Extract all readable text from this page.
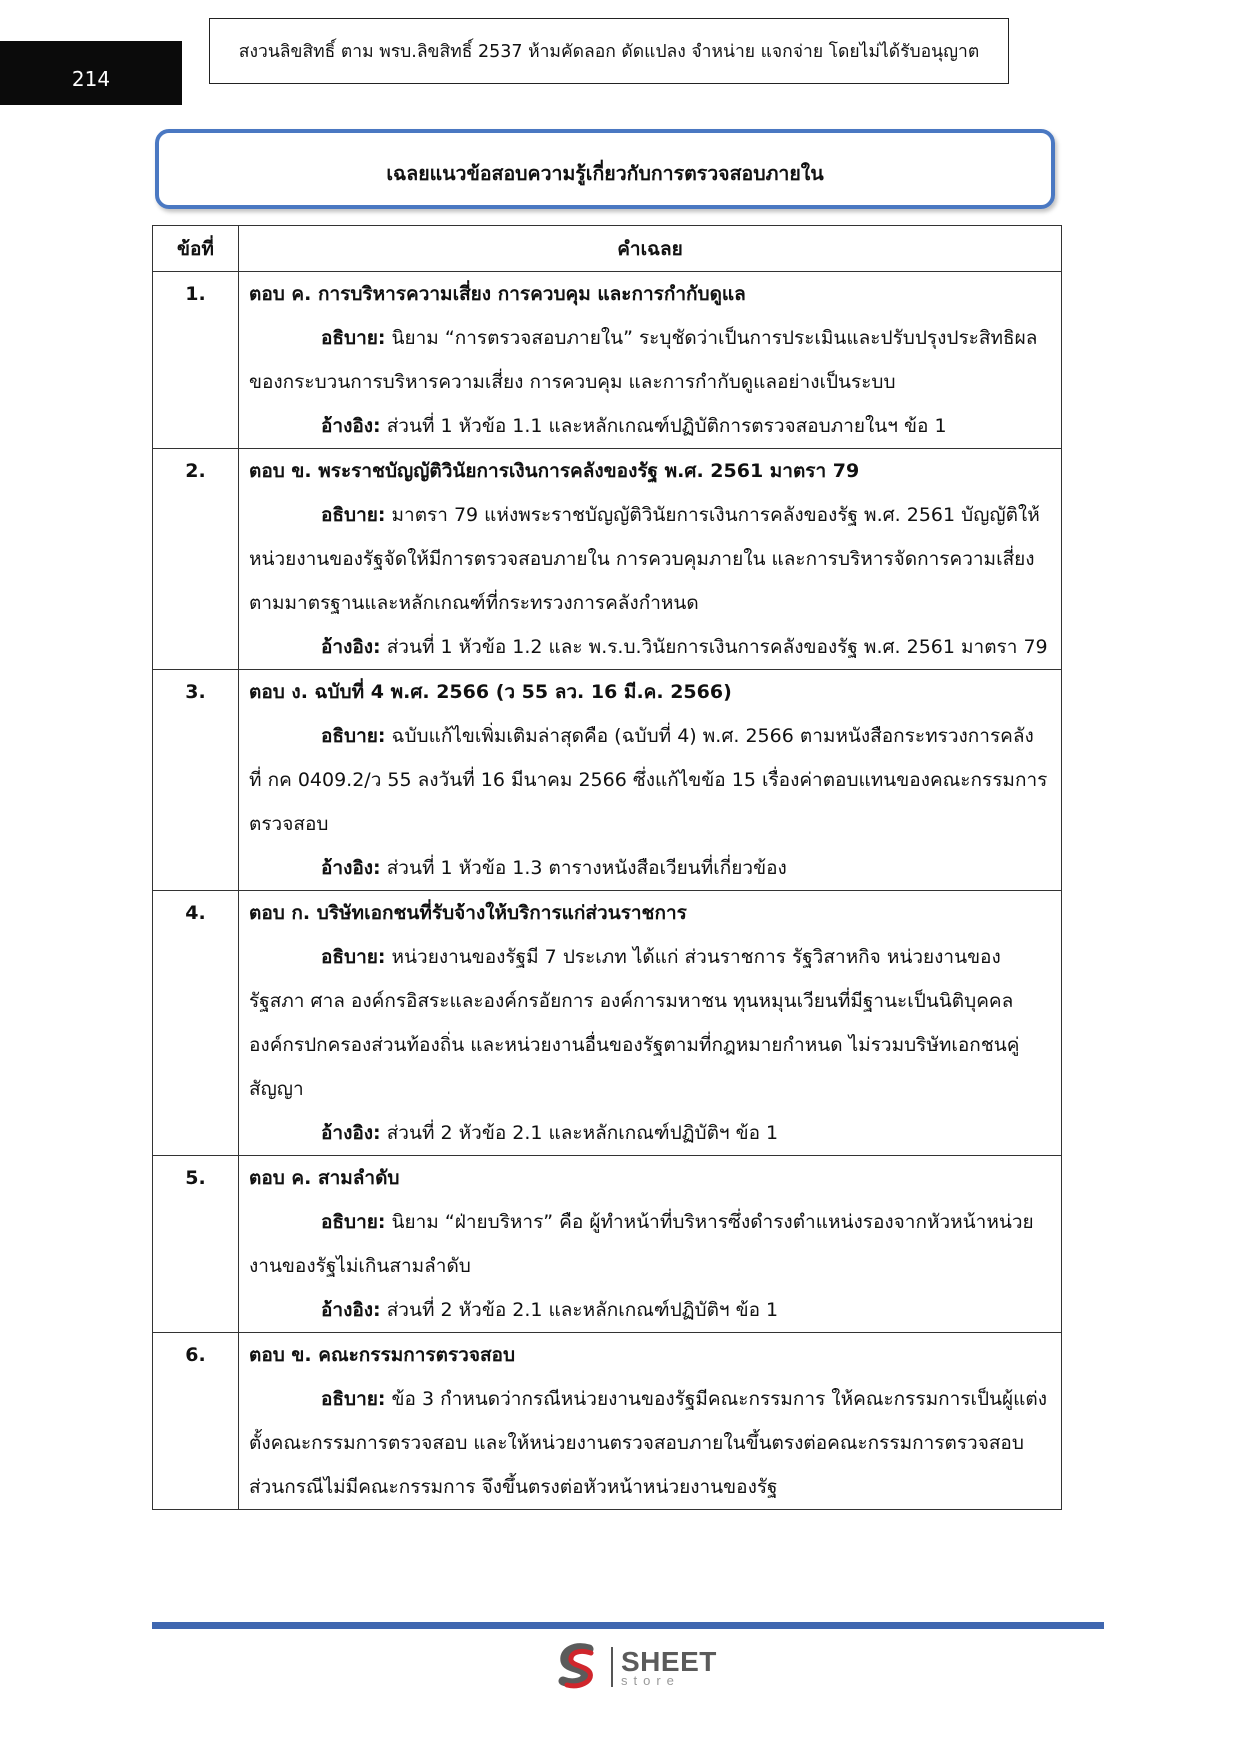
214
สงวนลิขสิทธิ์ ตาม พรบ.ลิขสิทธิ์ 2537 ห้ามคัดลอก ดัดแปลง จำหน่าย แจกจ่าย โดยไม่ได้รับอนุญาต
เฉลยแนวข้อสอบความรู้เกี่ยวกับการตรวจสอบภายใน
ข้อที่	คำเฉลย
1.	ตอบ ค. การบริหารความเสี่ยง การควบคุม และการกำกับดูแล
อธิบาย: นิยาม “การตรวจสอบภายใน” ระบุชัดว่าเป็นการประเมินและปรับปรุงประสิทธิผลของกระบวนการบริหารความเสี่ยง การควบคุม และการกำกับดูแลอย่างเป็นระบบ
อ้างอิง: ส่วนที่ 1 หัวข้อ 1.1 และหลักเกณฑ์ปฏิบัติการตรวจสอบภายในฯ ข้อ 1

2.	ตอบ ข. พระราชบัญญัติวินัยการเงินการคลังของรัฐ พ.ศ. 2561 มาตรา 79
อธิบาย: มาตรา 79 แห่งพระราชบัญญัติวินัยการเงินการคลังของรัฐ พ.ศ. 2561 บัญญัติให้หน่วยงานของรัฐจัดให้มีการตรวจสอบภายใน การควบคุมภายใน และการบริหารจัดการความเสี่ยง ตามมาตรฐานและหลักเกณฑ์ที่กระทรวงการคลังกำหนด
อ้างอิง: ส่วนที่ 1 หัวข้อ 1.2 และ พ.ร.บ.วินัยการเงินการคลังของรัฐ พ.ศ. 2561 มาตรา 79

3.	ตอบ ง. ฉบับที่ 4 พ.ศ. 2566 (ว 55 ลว. 16 มี.ค. 2566)
อธิบาย: ฉบับแก้ไขเพิ่มเติมล่าสุดคือ (ฉบับที่ 4) พ.ศ. 2566 ตามหนังสือกระทรวงการคลัง ที่ กค 0409.2/ว 55 ลงวันที่ 16 มีนาคม 2566 ซึ่งแก้ไขข้อ 15 เรื่องค่าตอบแทนของคณะกรรมการตรวจสอบ
อ้างอิง: ส่วนที่ 1 หัวข้อ 1.3 ตารางหนังสือเวียนที่เกี่ยวข้อง

4.	ตอบ ก. บริษัทเอกชนที่รับจ้างให้บริการแก่ส่วนราชการ
อธิบาย: หน่วยงานของรัฐมี 7 ประเภท ได้แก่ ส่วนราชการ รัฐวิสาหกิจ หน่วยงานของรัฐสภา ศาล องค์กรอิสระและองค์กรอัยการ องค์การมหาชน ทุนหมุนเวียนที่มีฐานะเป็นนิติบุคคล องค์กรปกครองส่วนท้องถิ่น และหน่วยงานอื่นของรัฐตามที่กฎหมายกำหนด ไม่รวมบริษัทเอกชนคู่สัญญา
อ้างอิง: ส่วนที่ 2 หัวข้อ 2.1 และหลักเกณฑ์ปฏิบัติฯ ข้อ 1

5.	ตอบ ค. สามลำดับ
อธิบาย: นิยาม “ฝ่ายบริหาร” คือ ผู้ทำหน้าที่บริหารซึ่งดำรงตำแหน่งรองจากหัวหน้าหน่วยงานของรัฐไม่เกินสามลำดับ
อ้างอิง: ส่วนที่ 2 หัวข้อ 2.1 และหลักเกณฑ์ปฏิบัติฯ ข้อ 1

6.	ตอบ ข. คณะกรรมการตรวจสอบ
อธิบาย: ข้อ 3 กำหนดว่ากรณีหน่วยงานของรัฐมีคณะกรรมการ ให้คณะกรรมการเป็นผู้แต่งตั้งคณะกรรมการตรวจสอบ และให้หน่วยงานตรวจสอบภายในขึ้นตรงต่อคณะกรรมการตรวจสอบ ส่วนกรณีไม่มีคณะกรรมการ จึงขึ้นตรงต่อหัวหน้าหน่วยงานของรัฐ
SHEET
store
